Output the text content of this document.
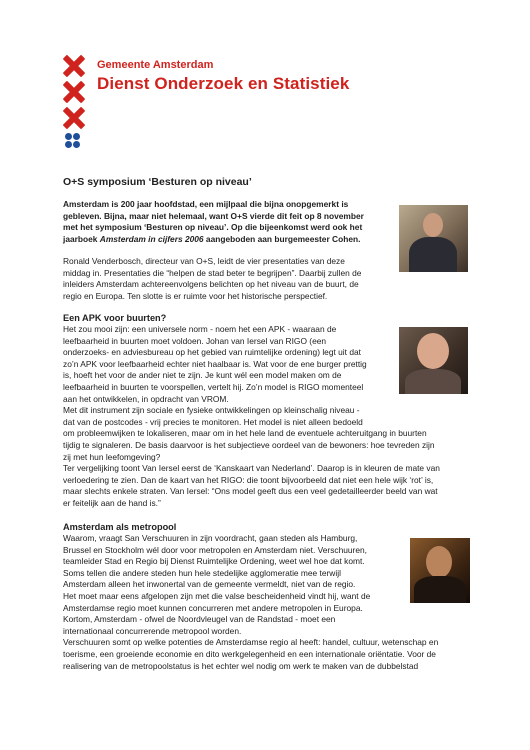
Gemeente Amsterdam

Dienst Onderzoek en Statistiek

O+S symposium ‘Besturen op niveau’

Amsterdam is 200 jaar hoofdstad, een mijlpaal die bijna onopgemerkt is

gebleven. Bijna, maar niet helemaal, want O+S vierde dit feit op 8 november

met het symposium ‘Besturen op niveau’. Op die bijeenkomst werd ook het

jaarboek Amsterdam in cijfers 2006 aangeboden aan burgemeester Cohen.

Ronald Venderbosch, directeur van O+S, leidt de vier presentaties van deze

middag in. Presentaties die “helpen de stad beter te begrijpen”. Daarbij zullen de

inleiders Amsterdam achtereenvolgens belichten op het niveau van de buurt, de

regio en Europa. Ten slotte is er ruimte voor het historische perspectief.

Een APK voor buurten?

Het zou mooi zijn: een universele norm - noem het een APK - waaraan de

leefbaarheid in buurten moet voldoen. Johan van Iersel van RIGO (een

onderzoeks- en adviesbureau op het gebied van ruimtelijke ordening) legt uit dat

zo’n APK voor leefbaarheid echter niet haalbaar is. Wat voor de ene burger prettig

is, hoeft het voor de ander niet te zijn. Je kunt wél een model maken om de

leefbaarheid in buurten te voorspellen, vertelt hij. Zo’n model is RIGO momenteel

aan het ontwikkelen, in opdracht van VROM.

Met dit instrument zijn sociale en fysieke ontwikkelingen op kleinschalig niveau -

dat van de postcodes - vrij precies te monitoren. Het model is niet alleen bedoeld

om probleemwijken te lokaliseren, maar om in het hele land de eventuele achteruitgang in buurten

tijdig te signaleren. De basis daarvoor is het subjectieve oordeel van de bewoners: hoe tevreden zijn

zij met hun leefomgeving?

Ter vergelijking toont Van Iersel eerst de ‘Kanskaart van Nederland’. Daarop is in kleuren de mate van

verloedering te zien. Dan de kaart van het RIGO: die toont bijvoorbeeld dat niet een hele wijk ‘rot’ is,

maar slechts enkele straten. Van Iersel: “Ons model geeft dus een veel gedetailleerder beeld van wat

er feitelijk aan de hand is.”

Amsterdam als metropool

Waarom, vraagt San Verschuuren in zijn voordracht, gaan steden als Hamburg,

Brussel en Stockholm wél door voor metropolen en Amsterdam niet. Verschuuren,

teamleider Stad en Regio bij Dienst Ruimtelijke Ordening, weet wel hoe dat komt.

Soms tellen die andere steden hun hele stedelijke agglomeratie mee terwijl

Amsterdam alleen het inwonertal van de gemeente vermeldt, niet van de regio.

Het moet maar eens afgelopen zijn met die valse bescheidenheid vindt hij, want de

Amsterdamse regio moet kunnen concurreren met andere metropolen in Europa.

Kortom, Amsterdam - ofwel de Noordvleugel van de Randstad - moet een

internationaal concurrerende metropool worden.

Verschuuren somt op welke potenties de Amsterdamse regio al heeft: handel, cultuur, wetenschap en

toerisme, een groeiende economie en dito werkgelegenheid en een internationale oriëntatie. Voor de

realisering van de metropoolstatus is het echter wel nodig om werk te maken van de dubbelstad
